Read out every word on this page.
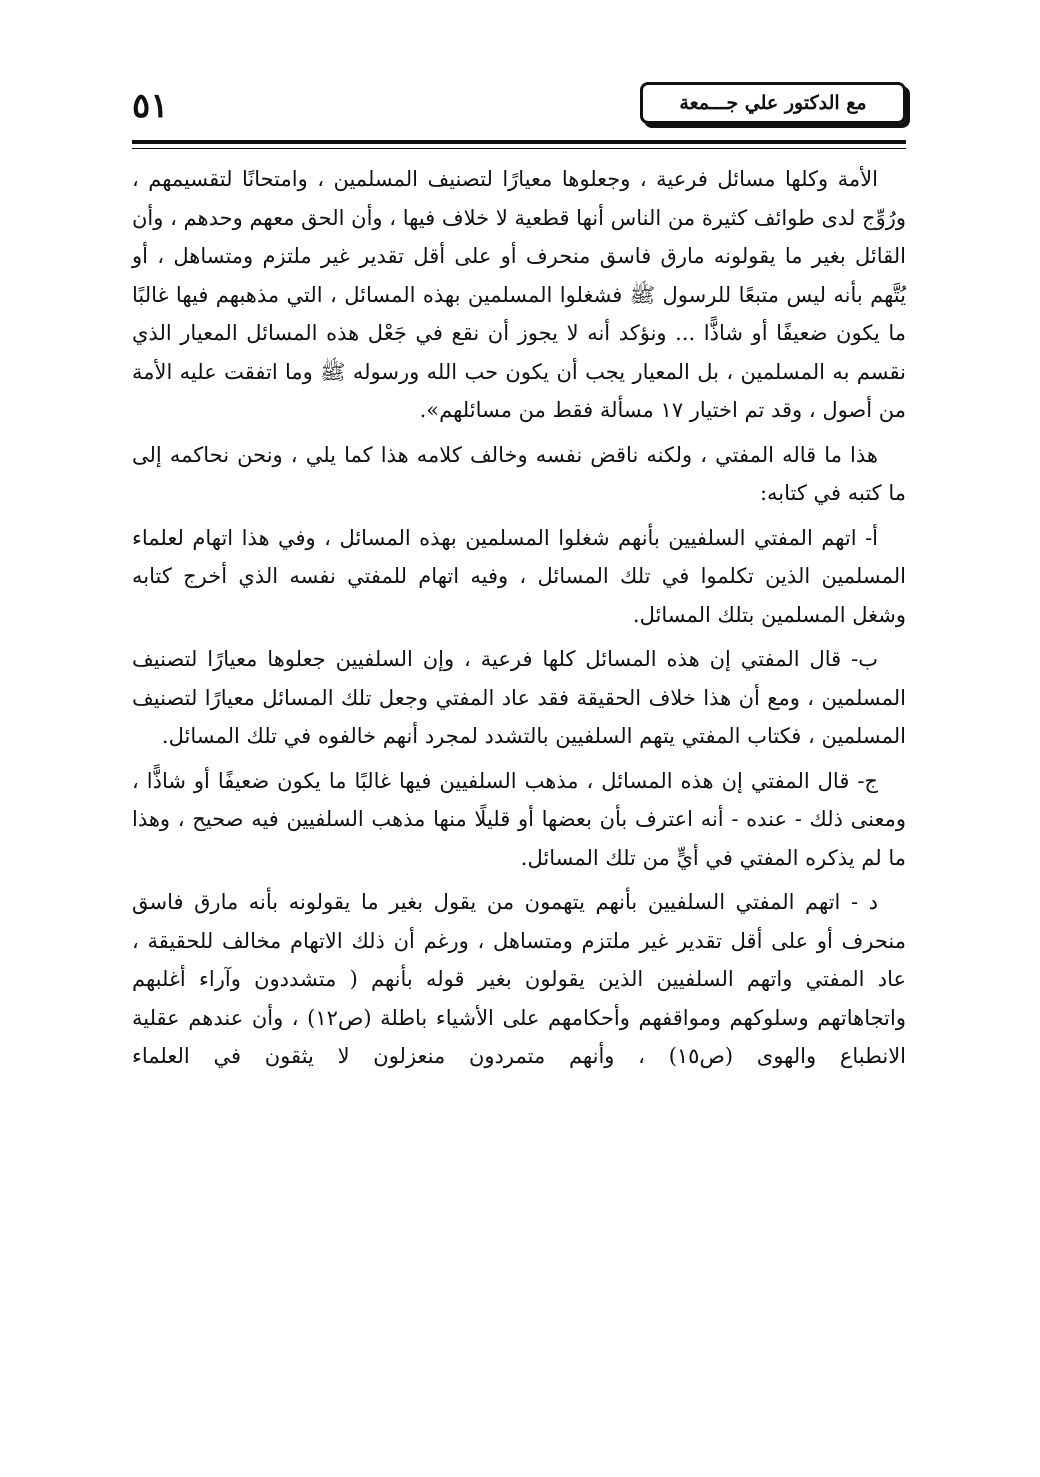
٥١	مع الدكتور علي جـــمعة

الأمة وكلها مسائل فرعية ، وجعلوها معيارًا لتصنيف المسلمين ، وامتحانًا لتقسيمهم ، ورُوِّج لدى طوائف كثيرة من الناس أنها قطعية لا خلاف فيها ، وأن الحق معهم وحدهم ، وأن القائل بغير ما يقولونه مارق فاسق منحرف أو على أقل تقدير غير ملتزم ومتساهل ، أو يُتَّهم بأنه ليس متبعًا للرسول ﷺ فشغلوا المسلمين بهذه المسائل ، التي مذهبهم فيها غالبًا ما يكون ضعيفًا أو شاذًّا ... ونؤكد أنه لا يجوز أن نقع في جَعْل هذه المسائل المعيار الذي نقسم به المسلمين ، بل المعيار يجب أن يكون حب الله ورسوله ﷺ وما اتفقت عليه الأمة من أصول ، وقد تم اختيار ١٧ مسألة فقط من مسائلهم».

هذا ما قاله المفتي ، ولكنه ناقض نفسه وخالف كلامه هذا كما يلي ، ونحن نحاكمه إلى ما كتبه في كتابه:

أ- اتهم المفتي السلفيين بأنهم شغلوا المسلمين بهذه المسائل ، وفي هذا اتهام لعلماء المسلمين الذين تكلموا في تلك المسائل ، وفيه اتهام للمفتي نفسه الذي أخرج كتابه وشغل المسلمين بتلك المسائل.

ب- قال المفتي إن هذه المسائل كلها فرعية ، وإن السلفيين جعلوها معيارًا لتصنيف المسلمين ، ومع أن هذا خلاف الحقيقة فقد عاد المفتي وجعل تلك المسائل معيارًا لتصنيف المسلمين ، فكتاب المفتي يتهم السلفيين بالتشدد لمجرد أنهم خالفوه في تلك المسائل.

ج- قال المفتي إن هذه المسائل ، مذهب السلفيين فيها غالبًا ما يكون ضعيفًا أو شاذًّا ، ومعنى ذلك - عنده - أنه اعترف بأن بعضها أو قليلًا منها مذهب السلفيين فيه صحيح ، وهذا ما لم يذكره المفتي في أيٍّ من تلك المسائل.

د - اتهم المفتي السلفيين بأنهم يتهمون من يقول بغير ما يقولونه بأنه مارق فاسق منحرف أو على أقل تقدير غير ملتزم ومتساهل ، ورغم أن ذلك الاتهام مخالف للحقيقة ، عاد المفتي واتهم السلفيين الذين يقولون بغير قوله بأنهم ( متشددون وآراء أغلبهم واتجاهاتهم وسلوكهم ومواقفهم وأحكامهم على الأشياء باطلة (ص١٢) ، وأن عندهم عقلية الانطباع والهوى (ص١٥) ، وأنهم متمردون منعزلون لا يثقون في العلماء
